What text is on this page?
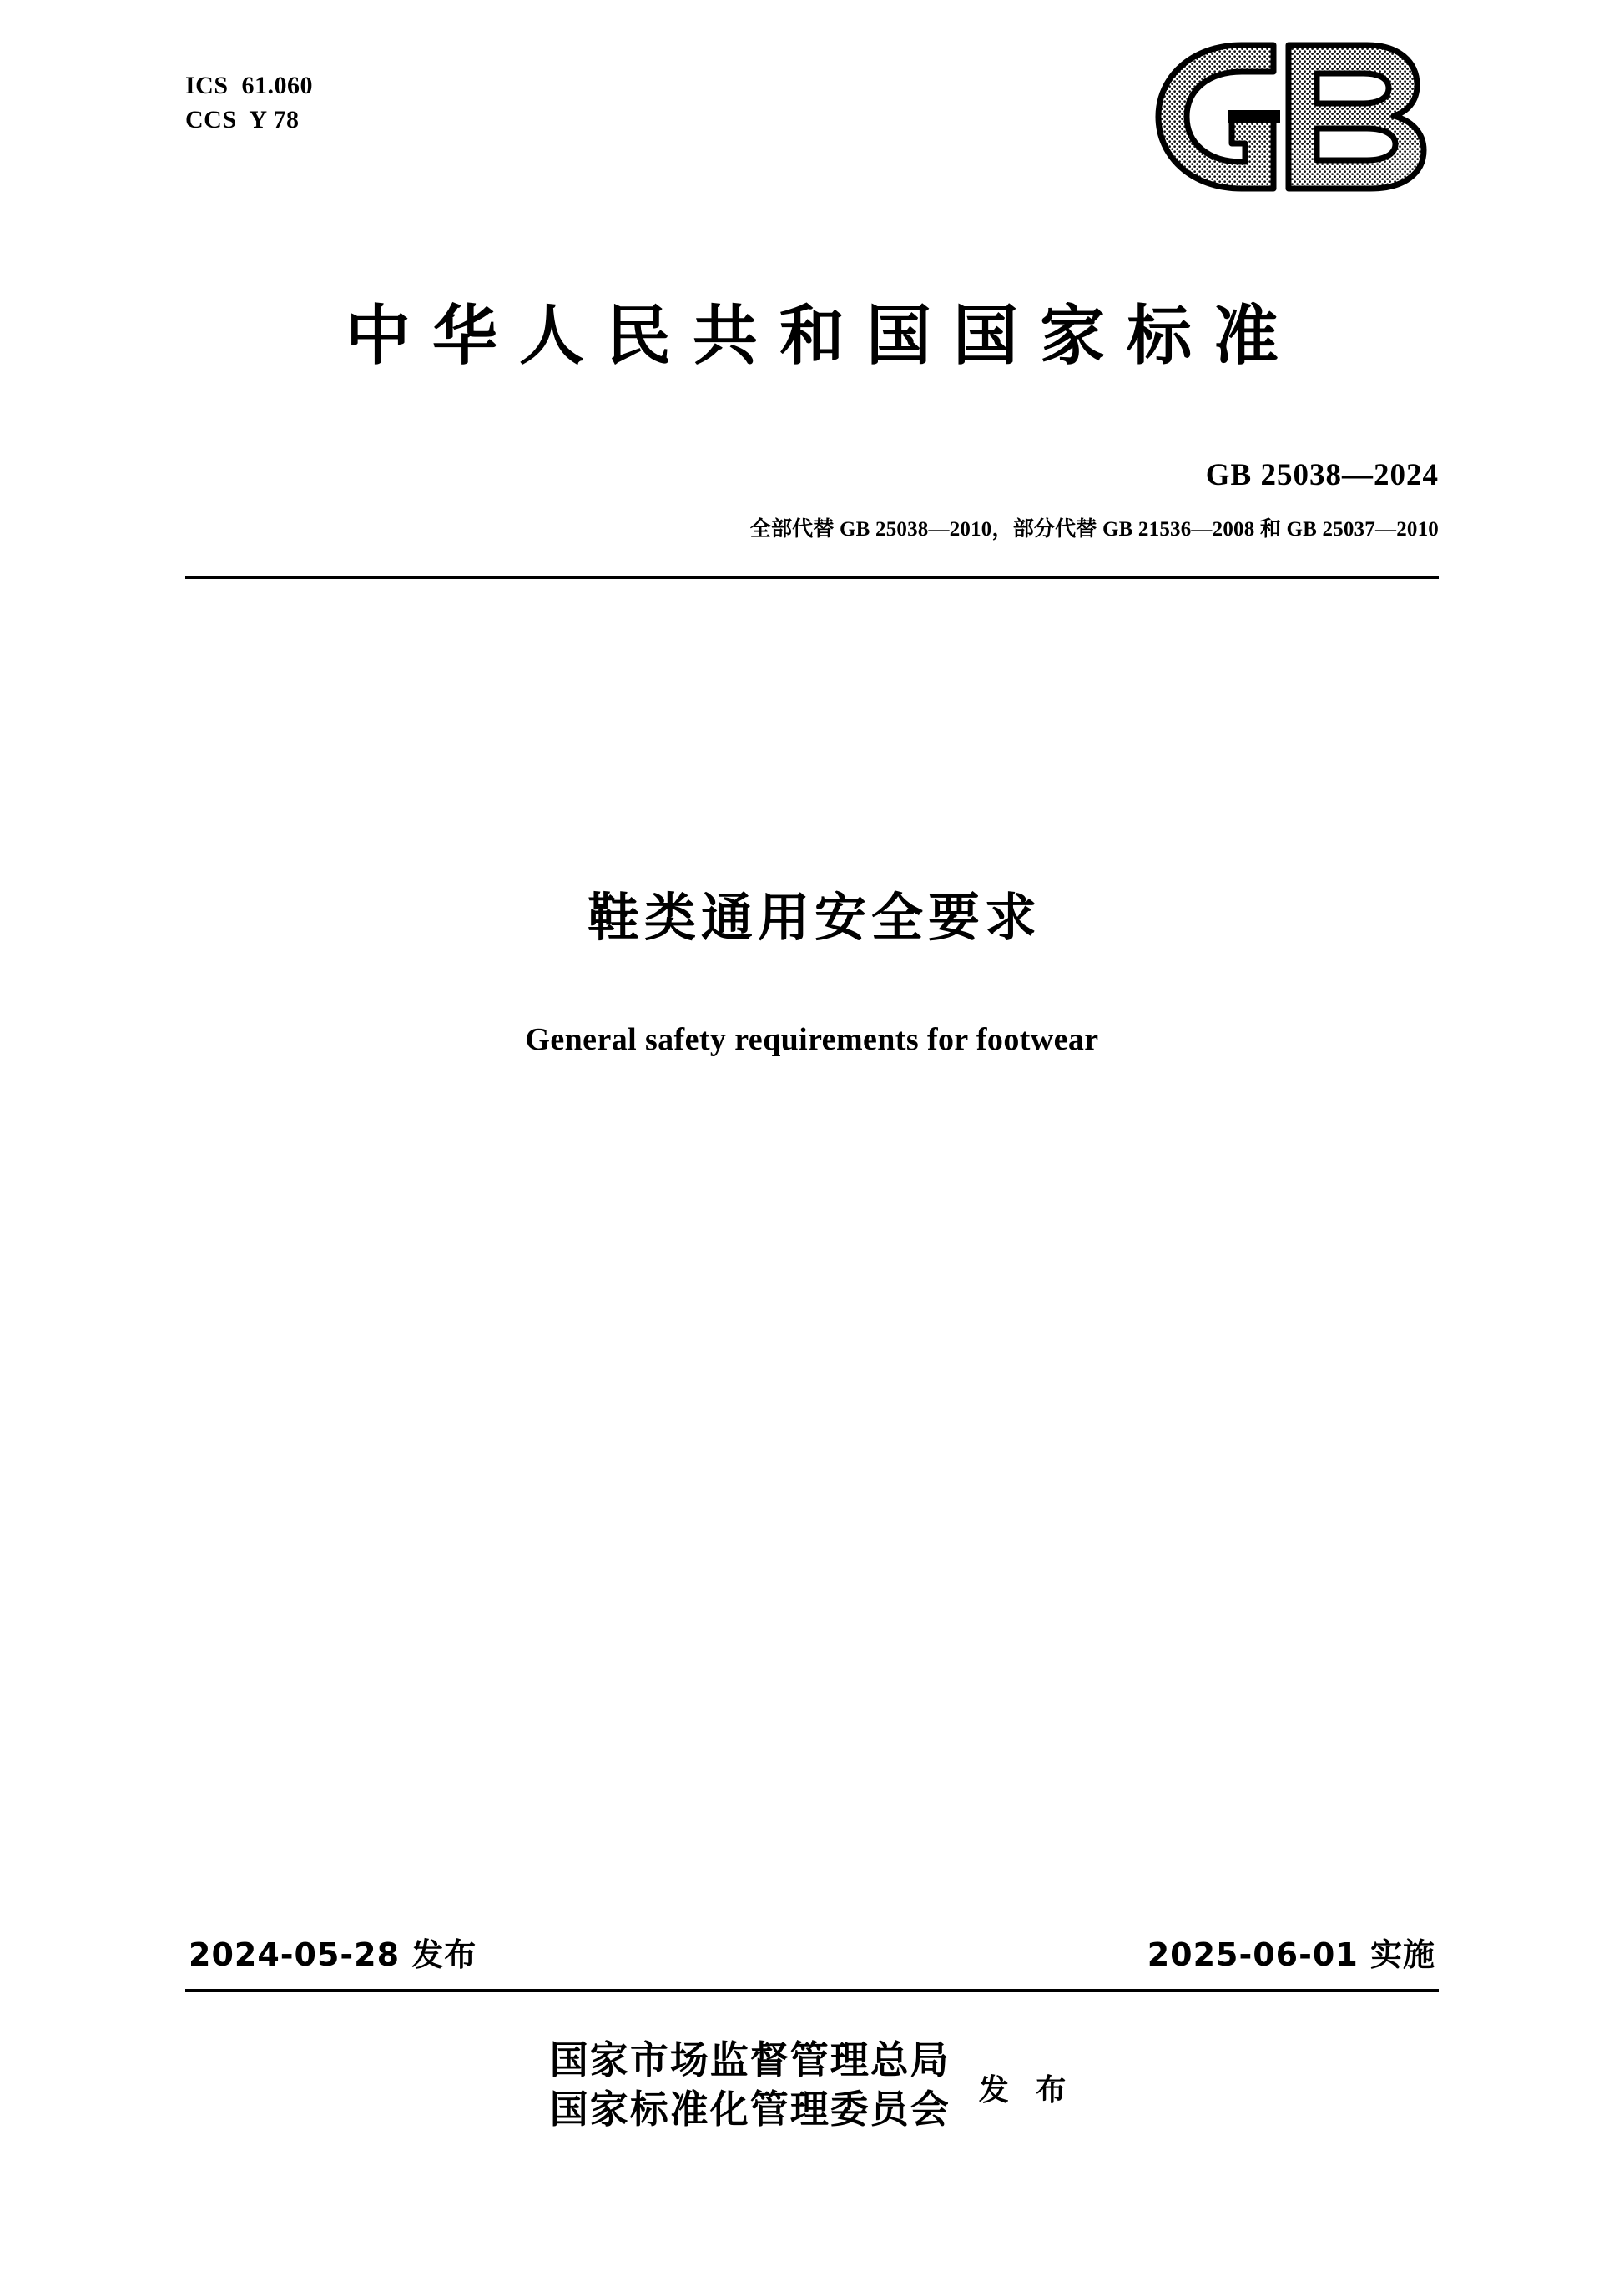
ICS  61.060
CCS  Y 78
中华人民共和国国家标准
GB 25038—2024
全部代替 GB 25038—2010，部分代替 GB 21536—2008 和 GB 25037—2010
鞋类通用安全要求
General safety requirements for footwear
2024-05-28 发布	2025-06-01 实施
国家市场监督管理总局
国家标准化管理委员会 发 布
